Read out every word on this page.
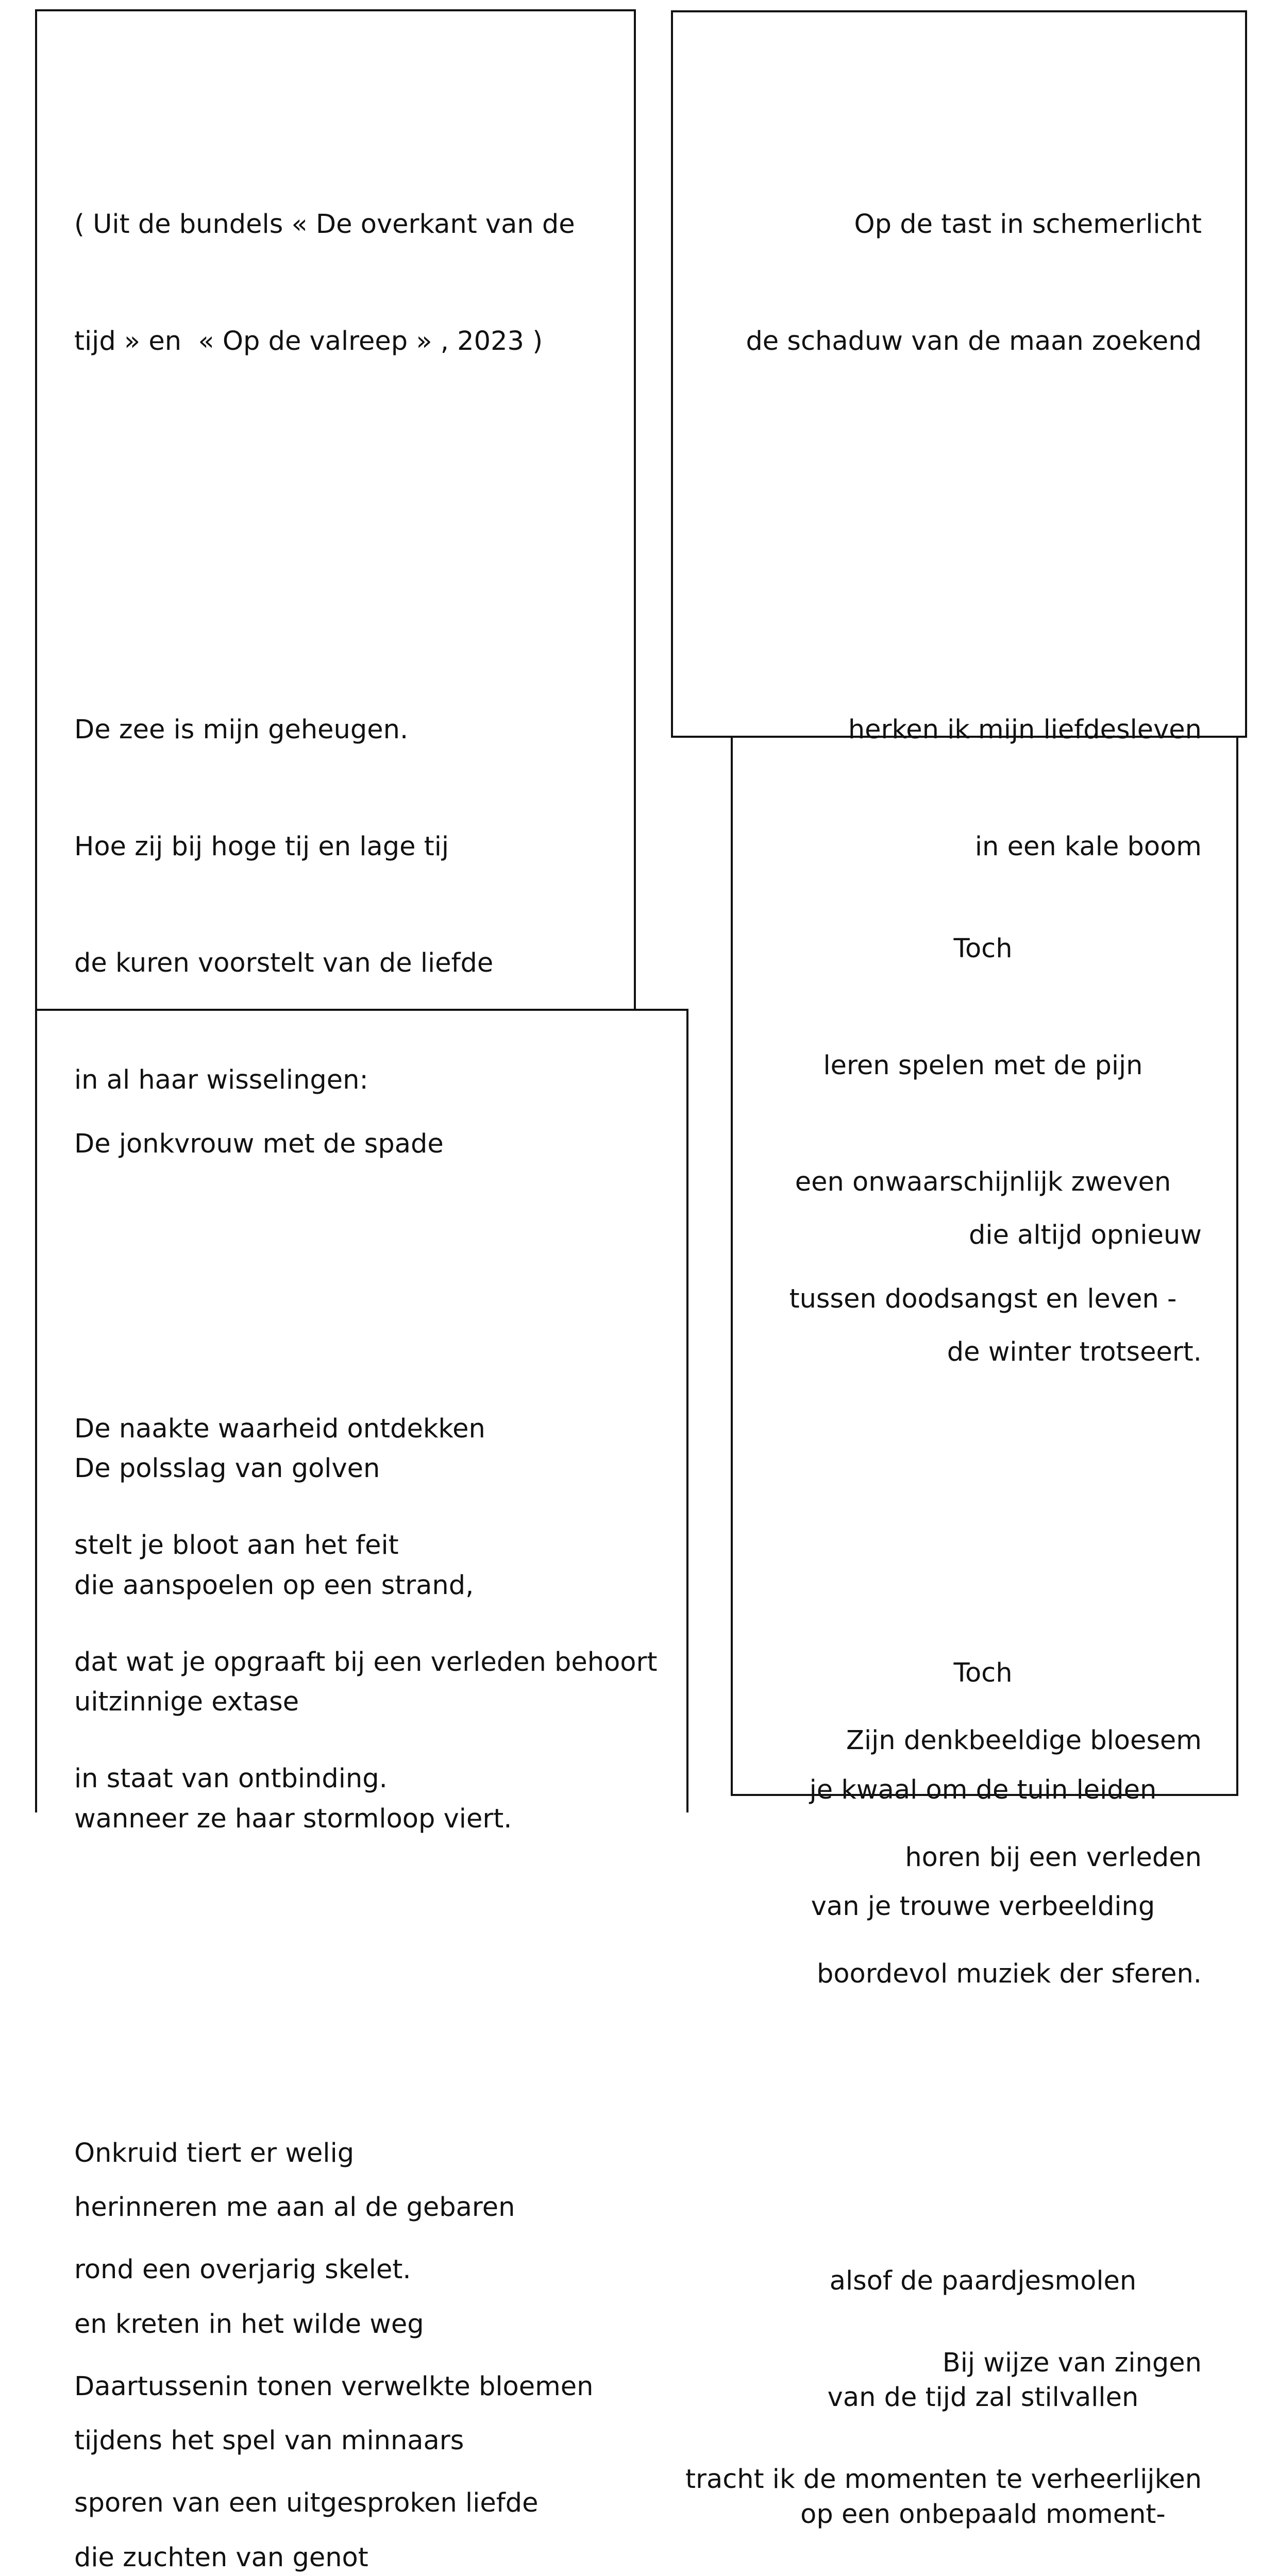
( Uit de bundels « De overkant van de

tijd » en  « Op de valreep » , 2023 )

De zee is mijn geheugen.

Hoe zij bij hoge tij en lage tij

de kuren voorstelt van de liefde

in al haar wisselingen:

De polsslag van golven

die aanspoelen op een strand,

uitzinnige extase

wanneer ze haar stormloop viert.

herinneren me aan al de gebaren

en kreten in het wilde weg

tijdens het spel van minnaars

die zuchten van genot

Op de tast in schemerlicht

de schaduw van de maan zoekend

herken ik mijn liefdesleven

in een kale boom

die altijd opnieuw

de winter trotseert.

Zijn denkbeeldige bloesem

horen bij een verleden

boordevol muziek der sferen.

Bij wijze van zingen

tracht ik de momenten te verheerlijken

De jonkvrouw met de spade

De naakte waarheid ontdekken

stelt je bloot aan het feit

dat wat je opgraaft bij een verleden behoort

in staat van ontbinding.

Onkruid tiert er welig

rond een overjarig skelet.

Daartussenin tonen verwelkte bloemen

sporen van een uitgesproken liefde

Toch

leren spelen met de pijn

een onwaarschijnlijk zweven

tussen doodsangst en leven -

Toch

je kwaal om de tuin leiden

van je trouwe verbeelding

alsof de paardjesmolen

van de tijd zal stilvallen

op een onbepaald moment-
